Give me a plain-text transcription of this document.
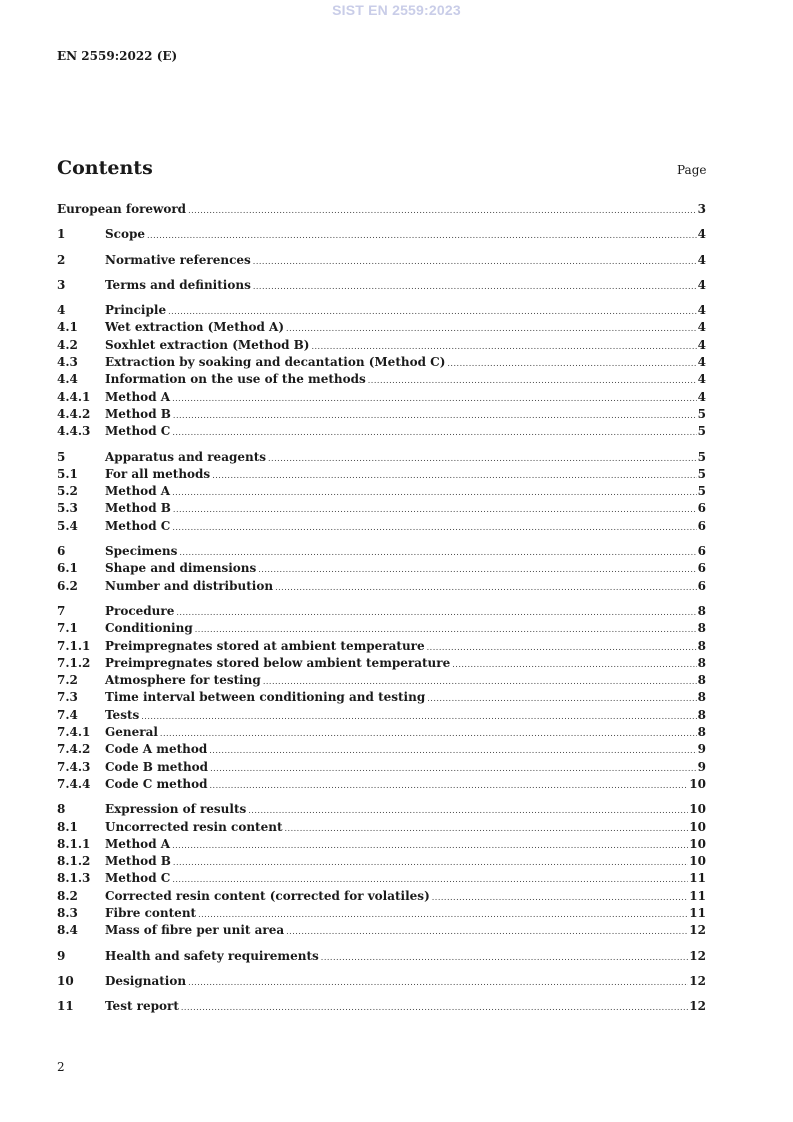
SIST EN 2559:2023
EN 2559:2022 (E)
Contents	Page
European foreword .....	3
1	Scope .....	4
2	Normative references .....	4
3	Terms and definitions .....	4
4	Principle .....	4
4.1	Wet extraction (Method A) .....	4
4.2	Soxhlet extraction (Method B) .....	4
4.3	Extraction by soaking and decantation (Method C) .....	4
4.4	Information on the use of the methods .....	4
4.4.1	Method A .....	4
4.4.2	Method B .....	5
4.4.3	Method C .....	5
5	Apparatus and reagents .....	5
5.1	For all methods .....	5
5.2	Method A .....	5
5.3	Method B .....	6
5.4	Method C .....	6
6	Specimens .....	6
6.1	Shape and dimensions .....	6
6.2	Number and distribution .....	6
7	Procedure .....	8
7.1	Conditioning .....	8
7.1.1	Preimpregnates stored at ambient temperature .....	8
7.1.2	Preimpregnates stored below ambient temperature .....	8
7.2	Atmosphere for testing .....	8
7.3	Time interval between conditioning and testing .....	8
7.4	Tests .....	8
7.4.1	General .....	8
7.4.2	Code A method .....	9
7.4.3	Code B method .....	9
7.4.4	Code C method .....	10
8	Expression of results .....	10
8.1	Uncorrected resin content .....	10
8.1.1	Method A .....	10
8.1.2	Method B .....	10
8.1.3	Method C .....	11
8.2	Corrected resin content (corrected for volatiles) .....	11
8.3	Fibre content .....	11
8.4	Mass of fibre per unit area .....	12
9	Health and safety requirements .....	12
10	Designation .....	12
11	Test report .....	12
2
